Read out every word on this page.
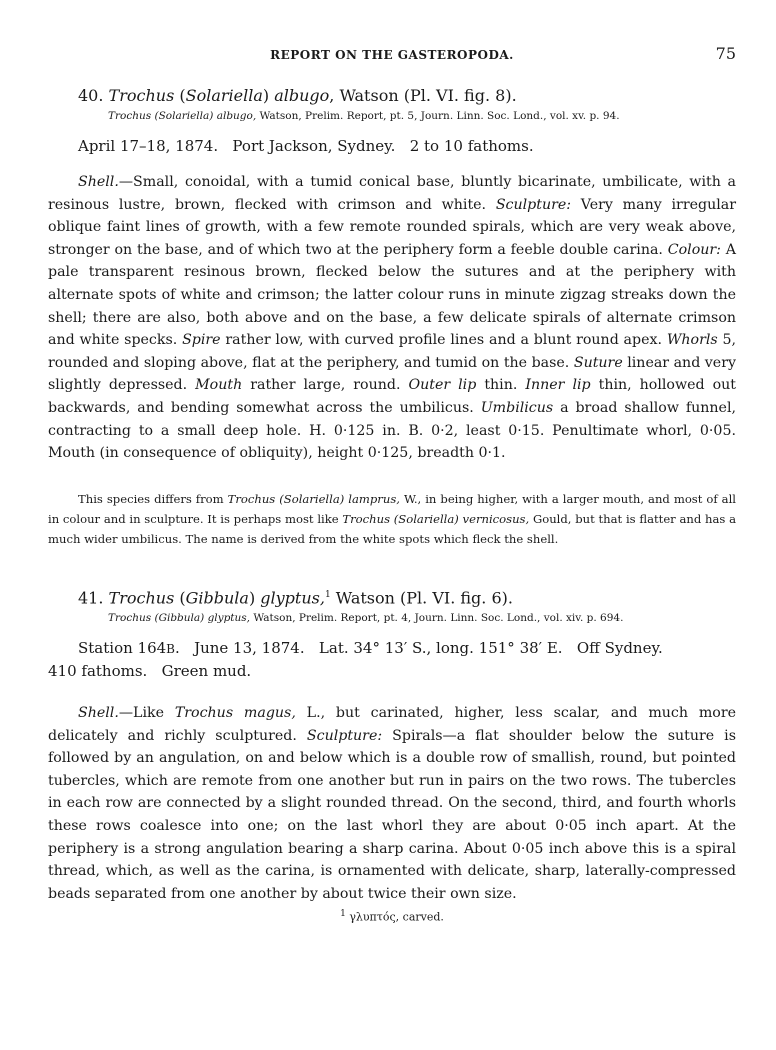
REPORT ON THE GASTEROPODA.	75
40. Trochus (Solariella) albugo, Watson (Pl. VI. fig. 8).
Trochus (Solariella) albugo, Watson, Prelim. Report, pt. 5, Journ. Linn. Soc. Lond., vol. xv. p. 94.
April 17–18, 1874.   Port Jackson, Sydney.   2 to 10 fathoms.

Shell.—Small, conoidal, with a tumid conical base, bluntly bicarinate, umbilicate, with a resinous lustre, brown, flecked with crimson and white. Sculpture: Very many irregular oblique faint lines of growth, with a few remote rounded spirals, which are very weak above, stronger on the base, and of which two at the periphery form a feeble double carina. Colour: A pale transparent resinous brown, flecked below the sutures and at the periphery with alternate spots of white and crimson; the latter colour runs in minute zigzag streaks down the shell; there are also, both above and on the base, a few delicate spirals of alternate crimson and white specks. Spire rather low, with curved profile lines and a blunt round apex. Whorls 5, rounded and sloping above, flat at the periphery, and tumid on the base. Suture linear and very slightly depressed. Mouth rather large, round. Outer lip thin. Inner lip thin, hollowed out backwards, and bending somewhat across the umbilicus. Umbilicus a broad shallow funnel, contracting to a small deep hole. H. 0·125 in. B. 0·2, least 0·15. Penultimate whorl, 0·05. Mouth (in consequence of obliquity), height 0·125, breadth 0·1.

This species differs from Trochus (Solariella) lamprus, W., in being higher, with a larger mouth, and most of all in colour and in sculpture. It is perhaps most like Trochus (Solariella) vernicosus, Gould, but that is flatter and has a much wider umbilicus. The name is derived from the white spots which fleck the shell.

41. Trochus (Gibbula) glyptus,$^1$ Watson (Pl. VI. fig. 6).
Trochus (Gibbula) glyptus, Watson, Prelim. Report, pt. 4, Journ. Linn. Soc. Lond., vol. xiv. p. 694.
Station 164B.   June 13, 1874.   Lat. 34° 13′ S., long. 151° 38′ E.   Off Sydney.
410 fathoms.   Green mud.

Shell.—Like Trochus magus, L., but carinated, higher, less scalar, and much more delicately and richly sculptured. Sculpture: Spirals—a flat shoulder below the suture is followed by an angulation, on and below which is a double row of smallish, round, but pointed tubercles, which are remote from one another but run in pairs on the two rows. The tubercles in each row are connected by a slight rounded thread. On the second, third, and fourth whorls these rows coalesce into one; on the last whorl they are about 0·05 inch apart. At the periphery is a strong angulation bearing a sharp carina. About 0·05 inch above this is a spiral thread, which, as well as the carina, is ornamented with delicate, sharp, laterally-compressed beads separated from one another by about twice their own size.

$^1$ γλυπτός, carved.
